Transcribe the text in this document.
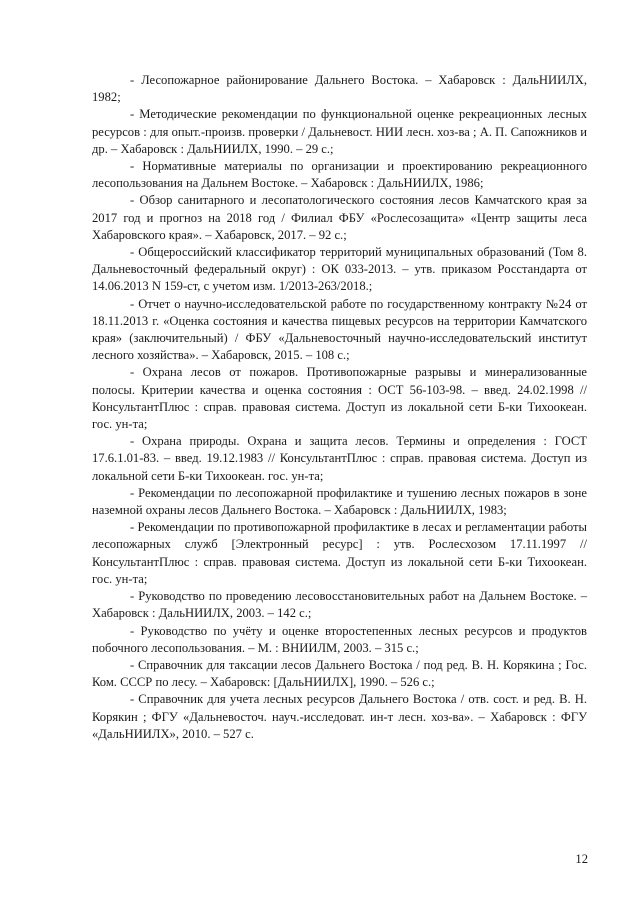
- Лесопожарное районирование Дальнего Востока. – Хабаровск : ДальНИИЛХ, 1982;

- Методические рекомендации по функциональной оценке рекреационных лесных ресурсов : для опыт.-произв. проверки / Дальневост. НИИ лесн. хоз-ва ; А. П. Сапожников и др. – Хабаровск : ДальНИИЛХ, 1990. – 29 с.;

- Нормативные материалы по организации и проектированию рекреационного лесопользования на Дальнем Востоке. – Хабаровск : ДальНИИЛХ, 1986;

- Обзор санитарного и лесопатологического состояния лесов Камчатского края за 2017 год и прогноз на 2018 год / Филиал ФБУ «Рослесозащита» «Центр защиты леса Хабаровского края». – Хабаровск, 2017. – 92 с.;

- Общероссийский классификатор территорий муниципальных образований (Том 8. Дальневосточный федеральный округ) : ОК 033-2013. – утв. приказом Росстандарта от 14.06.2013 N 159-ст, с учетом изм. 1/2013-263/2018.;

- Отчет о научно-исследовательской работе по государственному контракту №24 от 18.11.2013 г. «Оценка состояния и качества пищевых ресурсов на территории Камчатского края» (заключительный) / ФБУ «Дальневосточный научно-исследовательский институт лесного хозяйства». – Хабаровск, 2015. – 108 с.;

- Охрана лесов от пожаров. Противопожарные разрывы и минерализованные полосы. Критерии качества и оценка состояния : ОСТ 56-103-98. – введ. 24.02.1998 // КонсультантПлюс : справ. правовая система. Доступ из локальной сети Б-ки Тихоокеан. гос. ун-та;

- Охрана природы. Охрана и защита лесов. Термины и определения : ГОСТ 17.6.1.01-83. – введ. 19.12.1983 // КонсультантПлюс : справ. правовая система. Доступ из локальной сети Б-ки Тихоокеан. гос. ун-та;

- Рекомендации по лесопожарной профилактике и тушению лесных пожаров в зоне наземной охраны лесов Дальнего Востока. – Хабаровск : ДальНИИЛХ, 1983;

- Рекомендации по противопожарной профилактике в лесах и регламентации работы лесопожарных служб [Электронный ресурс] : утв. Рослесхозом 17.11.1997 // КонсультантПлюс : справ. правовая система. Доступ из локальной сети Б-ки Тихоокеан. гос. ун-та;

- Руководство по проведению лесовосстановительных работ на Дальнем Востоке. – Хабаровск : ДальНИИЛХ, 2003. – 142 с.;

- Руководство по учёту и оценке второстепенных лесных ресурсов и продуктов побочного лесопользования. – М. : ВНИИЛМ, 2003. – 315 с.;

- Справочник для таксации лесов Дальнего Востока / под ред. В. Н. Корякина ; Гос. Ком. СССР по лесу. – Хабаровск: [ДальНИИЛХ], 1990. – 526 с.;

- Справочник для учета лесных ресурсов Дальнего Востока / отв. сост. и ред. В. Н. Корякин ; ФГУ «Дальневосточ. науч.-исследоват. ин-т лесн. хоз-ва». – Хабаровск : ФГУ «ДальНИИЛХ», 2010. – 527 с.

12
